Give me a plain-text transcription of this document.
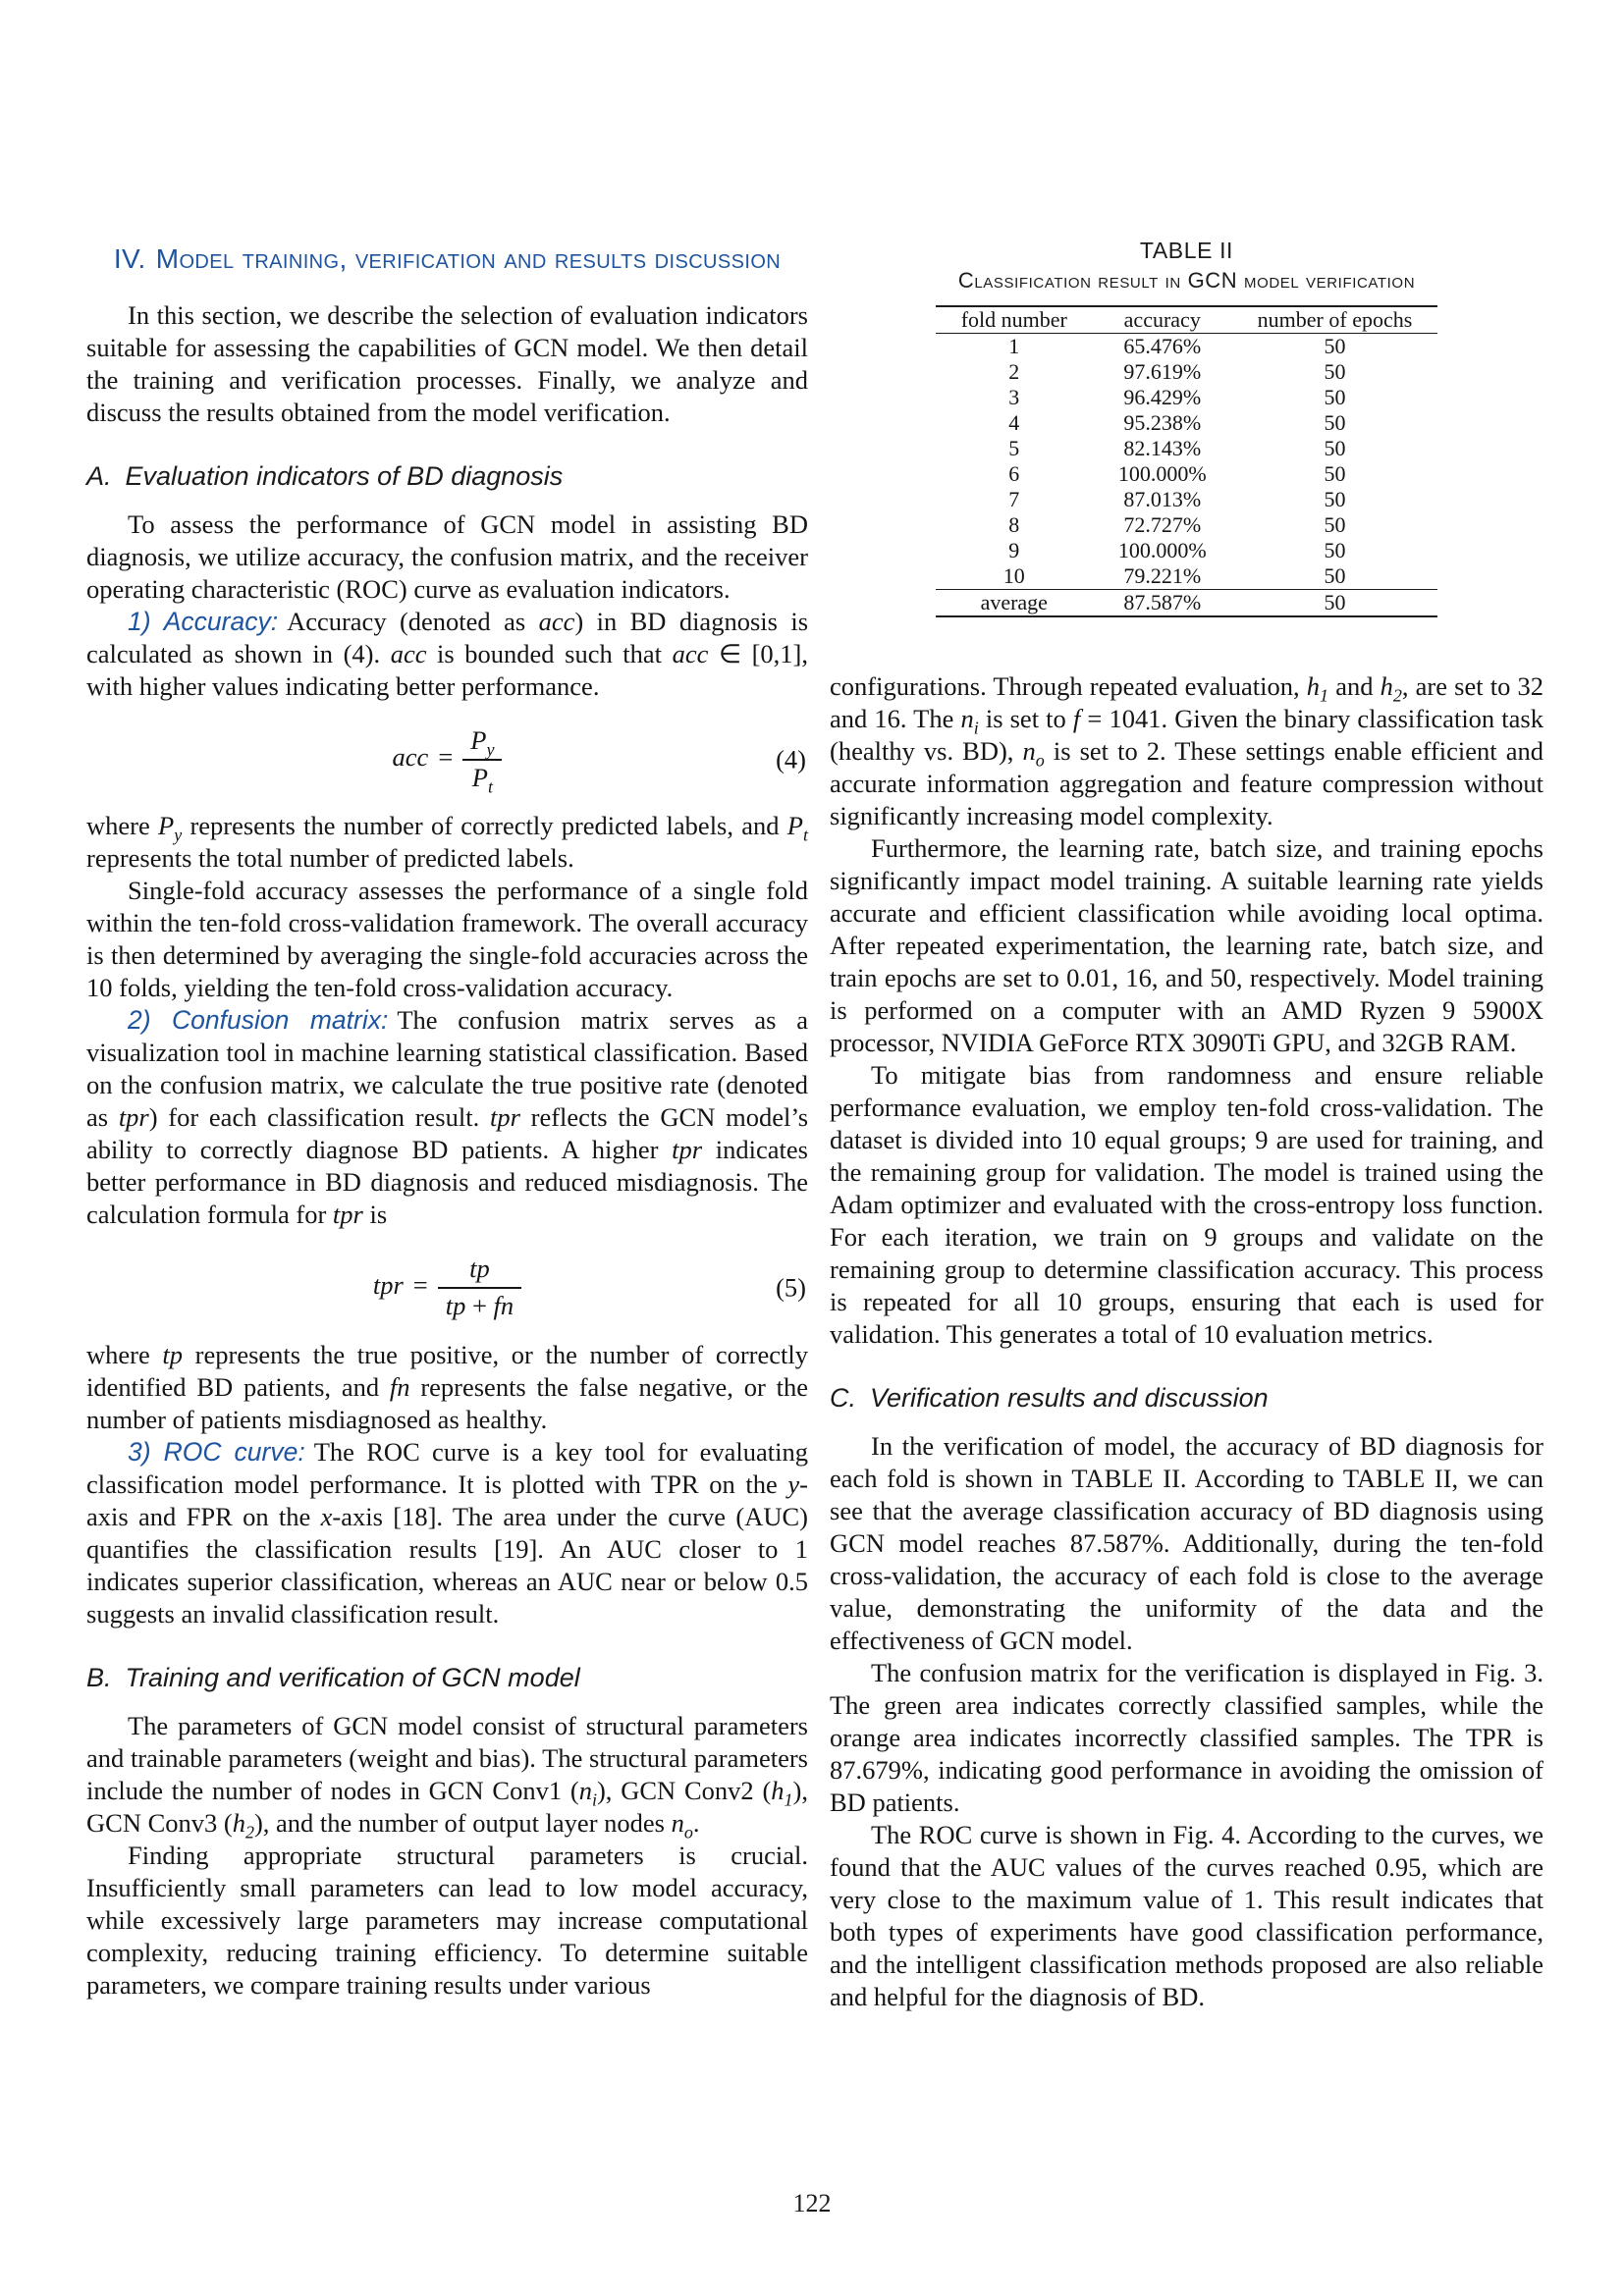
IV. Model training, verification and results discussion

In this section, we describe the selection of evaluation indicators suitable for assessing the capabilities of GCN model. We then detail the training and verification processes. Finally, we analyze and discuss the results obtained from the model verification.

A. Evaluation indicators of BD diagnosis

To assess the performance of GCN model in assisting BD diagnosis, we utilize accuracy, the confusion matrix, and the receiver operating characteristic (ROC) curve as evaluation indicators.

1) Accuracy: Accuracy (denoted as acc) in BD diagnosis is calculated as shown in (4). acc is bounded such that acc ∈ [0,1], with higher values indicating better performance.

acc = $\frac{P_y}{P_t}$	(4)

where $P_y$ represents the number of correctly predicted labels, and $P_t$ represents the total number of predicted labels.

Single-fold accuracy assesses the performance of a single fold within the ten-fold cross-validation framework. The overall accuracy is then determined by averaging the single-fold accuracies across the 10 folds, yielding the ten-fold cross-validation accuracy.

2) Confusion matrix: The confusion matrix serves as a visualization tool in machine learning statistical classification. Based on the confusion matrix, we calculate the true positive rate (denoted as tpr) for each classification result. tpr reflects the GCN model’s ability to correctly diagnose BD patients. A higher tpr indicates better performance in BD diagnosis and reduced misdiagnosis. The calculation formula for tpr is

tpr = $\frac{tp}{tp + fn}$	(5)

where tp represents the true positive, or the number of correctly identified BD patients, and fn represents the false negative, or the number of patients misdiagnosed as healthy.

3) ROC curve: The ROC curve is a key tool for evaluating classification model performance. It is plotted with TPR on the y-axis and FPR on the x-axis [18]. The area under the curve (AUC) quantifies the classification results [19]. An AUC closer to 1 indicates superior classification, whereas an AUC near or below 0.5 suggests an invalid classification result.

B. Training and verification of GCN model

The parameters of GCN model consist of structural parameters and trainable parameters (weight and bias). The structural parameters include the number of nodes in GCN Conv1 $(n_i)$, GCN Conv2 $(h_1)$, GCN Conv3 $(h_2)$, and the number of output layer nodes $n_o$.

Finding appropriate structural parameters is crucial. Insufficiently small parameters can lead to low model accuracy, while excessively large parameters may increase computational complexity, reducing training efficiency. To determine suitable parameters, we compare training results under various

TABLE II
Classification result in GCN model verification
fold number	accuracy	number of epochs
1	65.476%	50
2	97.619%	50
3	96.429%	50
4	95.238%	50
5	82.143%	50
6	100.000%	50
7	87.013%	50
8	72.727%	50
9	100.000%	50
10	79.221%	50
average	87.587%	50

configurations. Through repeated evaluation, $h_1$ and $h_2$, are set to 32 and 16. The $n_i$ is set to f = 1041. Given the binary classification task (healthy vs. BD), $n_o$ is set to 2. These settings enable efficient and accurate information aggregation and feature compression without significantly increasing model complexity.

Furthermore, the learning rate, batch size, and training epochs significantly impact model training. A suitable learning rate yields accurate and efficient classification while avoiding local optima. After repeated experimentation, the learning rate, batch size, and train epochs are set to 0.01, 16, and 50, respectively. Model training is performed on a computer with an AMD Ryzen 9 5900X processor, NVIDIA GeForce RTX 3090Ti GPU, and 32GB RAM.

To mitigate bias from randomness and ensure reliable performance evaluation, we employ ten-fold cross-validation. The dataset is divided into 10 equal groups; 9 are used for training, and the remaining group for validation. The model is trained using the Adam optimizer and evaluated with the cross-entropy loss function. For each iteration, we train on 9 groups and validate on the remaining group to determine classification accuracy. This process is repeated for all 10 groups, ensuring that each is used for validation. This generates a total of 10 evaluation metrics.

C. Verification results and discussion

In the verification of model, the accuracy of BD diagnosis for each fold is shown in TABLE II. According to TABLE II, we can see that the average classification accuracy of BD diagnosis using GCN model reaches 87.587%. Additionally, during the ten-fold cross-validation, the accuracy of each fold is close to the average value, demonstrating the uniformity of the data and the effectiveness of GCN model.

The confusion matrix for the verification is displayed in Fig. 3. The green area indicates correctly classified samples, while the orange area indicates incorrectly classified samples. The TPR is 87.679%, indicating good performance in avoiding the omission of BD patients.

The ROC curve is shown in Fig. 4. According to the curves, we found that the AUC values of the curves reached 0.95, which are very close to the maximum value of 1. This result indicates that both types of experiments have good classification performance, and the intelligent classification methods proposed are also reliable and helpful for the diagnosis of BD.

122
